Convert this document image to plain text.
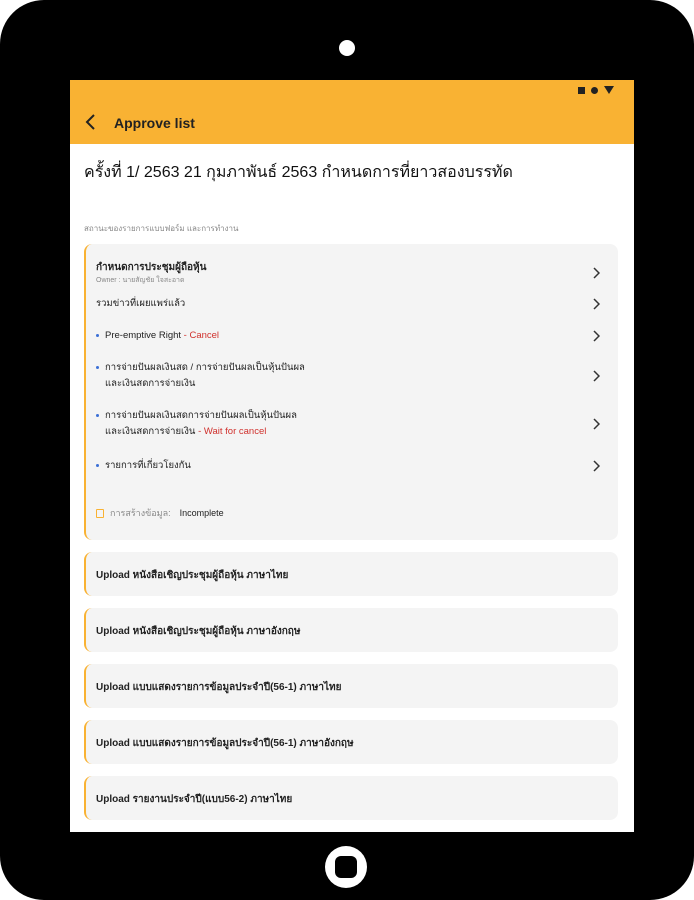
Approve list
ครั้งที่ 1/ 2563 21 กุมภาพันธ์ 2563 กำหนดการที่ยาวสองบรรทัด
สถานะของรายการแบบฟอร์ม และการทำงาน
กำหนดการประชุมผู้ถือหุ้น
Owner : นายสัญชัย ใจสะอาด
รวมข่าวที่เผยแพร่แล้ว
Pre-emptive Right - Cancel
การจ่ายปันผลเงินสด / การจ่ายปันผลเป็นหุ้นปันผล และเงินสดการจ่ายเงิน
การจ่ายปันผลเงินสดการจ่ายปันผลเป็นหุ้นปันผล และเงินสดการจ่ายเงิน - Wait for cancel
รายการที่เกี่ยวโยงกัน
การสร้างข้อมูล: Incomplete
Upload หนังสือเชิญประชุมผู้ถือหุ้น ภาษาไทย
Upload หนังสือเชิญประชุมผู้ถือหุ้น ภาษาอังกฤษ
Upload แบบแสดงรายการข้อมูลประจำปี(56-1) ภาษาไทย
Upload แบบแสดงรายการข้อมูลประจำปี(56-1) ภาษาอังกฤษ
Upload รายงานประจำปี(แบบ56-2) ภาษาไทย
